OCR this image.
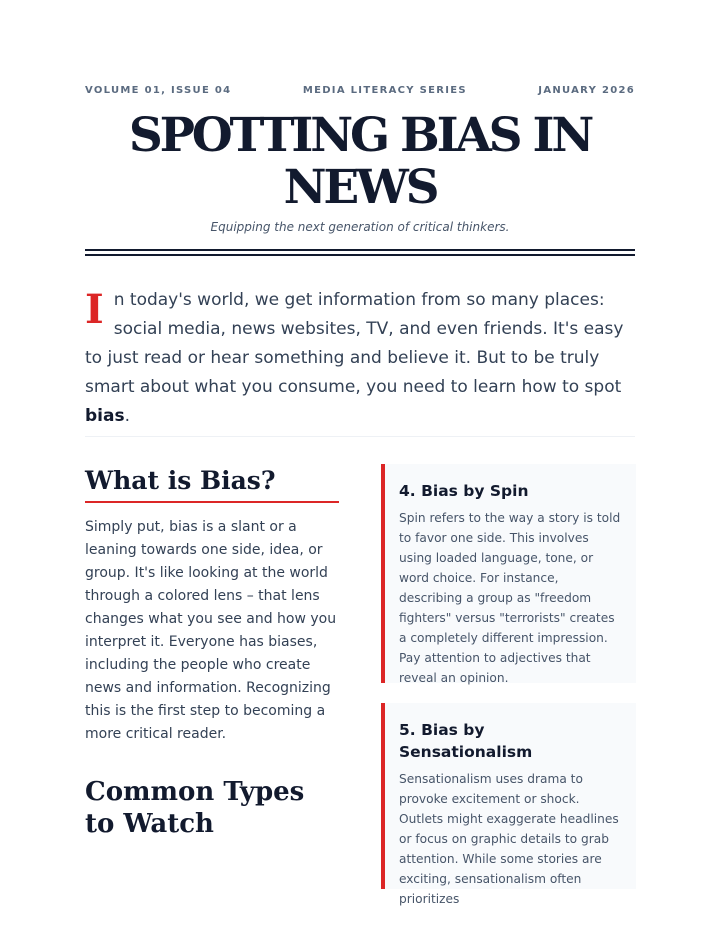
VOLUME 01, ISSUE 04	MEDIA LITERACY SERIES	JANUARY 2026
SPOTTING BIAS IN NEWS
Equipping the next generation of critical thinkers.

In today's world, we get information from so many places: social media, news websites, TV, and even friends. It's easy to just read or hear something and believe it. But to be truly smart about what you consume, you need to learn how to spot bias.

What is Bias?

Simply put, bias is a slant or a leaning towards one side, idea, or group. It's like looking at the world through a colored lens – that lens changes what you see and how you interpret it. Everyone has biases, including the people who create news and information. Recognizing this is the first step to becoming a more critical reader.

Common Types to Watch
4. Bias by Spin
Spin refers to the way a story is told to favor one side. This involves using loaded language, tone, or word choice. For instance, describing a group as "freedom fighters" versus "terrorists" creates a completely different impression. Pay attention to adjectives that reveal an opinion.
5. Bias by Sensationalism
Sensationalism uses drama to provoke excitement or shock. Outlets might exaggerate headlines or focus on graphic details to grab attention. While some stories are exciting, sensationalism often prioritizes
